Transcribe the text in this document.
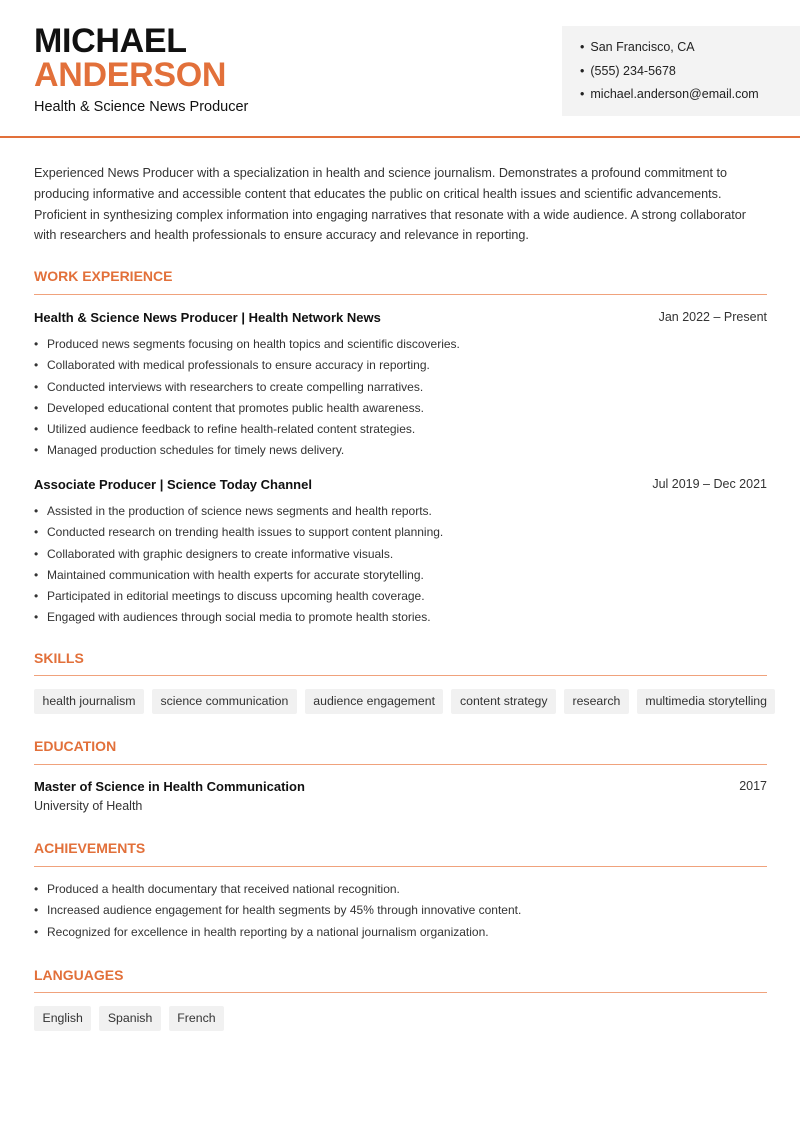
MICHAEL
ANDERSON
Health & Science News Producer
• San Francisco, CA
• (555) 234-5678
• michael.anderson@email.com

Experienced News Producer with a specialization in health and science journalism. Demonstrates a profound commitment to producing informative and accessible content that educates the public on critical health issues and scientific advancements. Proficient in synthesizing complex information into engaging narratives that resonate with a wide audience. A strong collaborator with researchers and health professionals to ensure accuracy and relevance in reporting.

WORK EXPERIENCE
Health & Science News Producer | Health Network News	Jan 2022 – Present
• Produced news segments focusing on health topics and scientific discoveries.
• Collaborated with medical professionals to ensure accuracy in reporting.
• Conducted interviews with researchers to create compelling narratives.
• Developed educational content that promotes public health awareness.
• Utilized audience feedback to refine health-related content strategies.
• Managed production schedules for timely news delivery.
Associate Producer | Science Today Channel	Jul 2019 – Dec 2021
• Assisted in the production of science news segments and health reports.
• Conducted research on trending health issues to support content planning.
• Collaborated with graphic designers to create informative visuals.
• Maintained communication with health experts for accurate storytelling.
• Participated in editorial meetings to discuss upcoming health coverage.
• Engaged with audiences through social media to promote health stories.
SKILLS
health journalism	science communication	audience engagement	content strategy	research	multimedia storytelling
EDUCATION
Master of Science in Health Communication	2017
University of Health
ACHIEVEMENTS
• Produced a health documentary that received national recognition.
• Increased audience engagement for health segments by 45% through innovative content.
• Recognized for excellence in health reporting by a national journalism organization.
LANGUAGES
English	Spanish	French
